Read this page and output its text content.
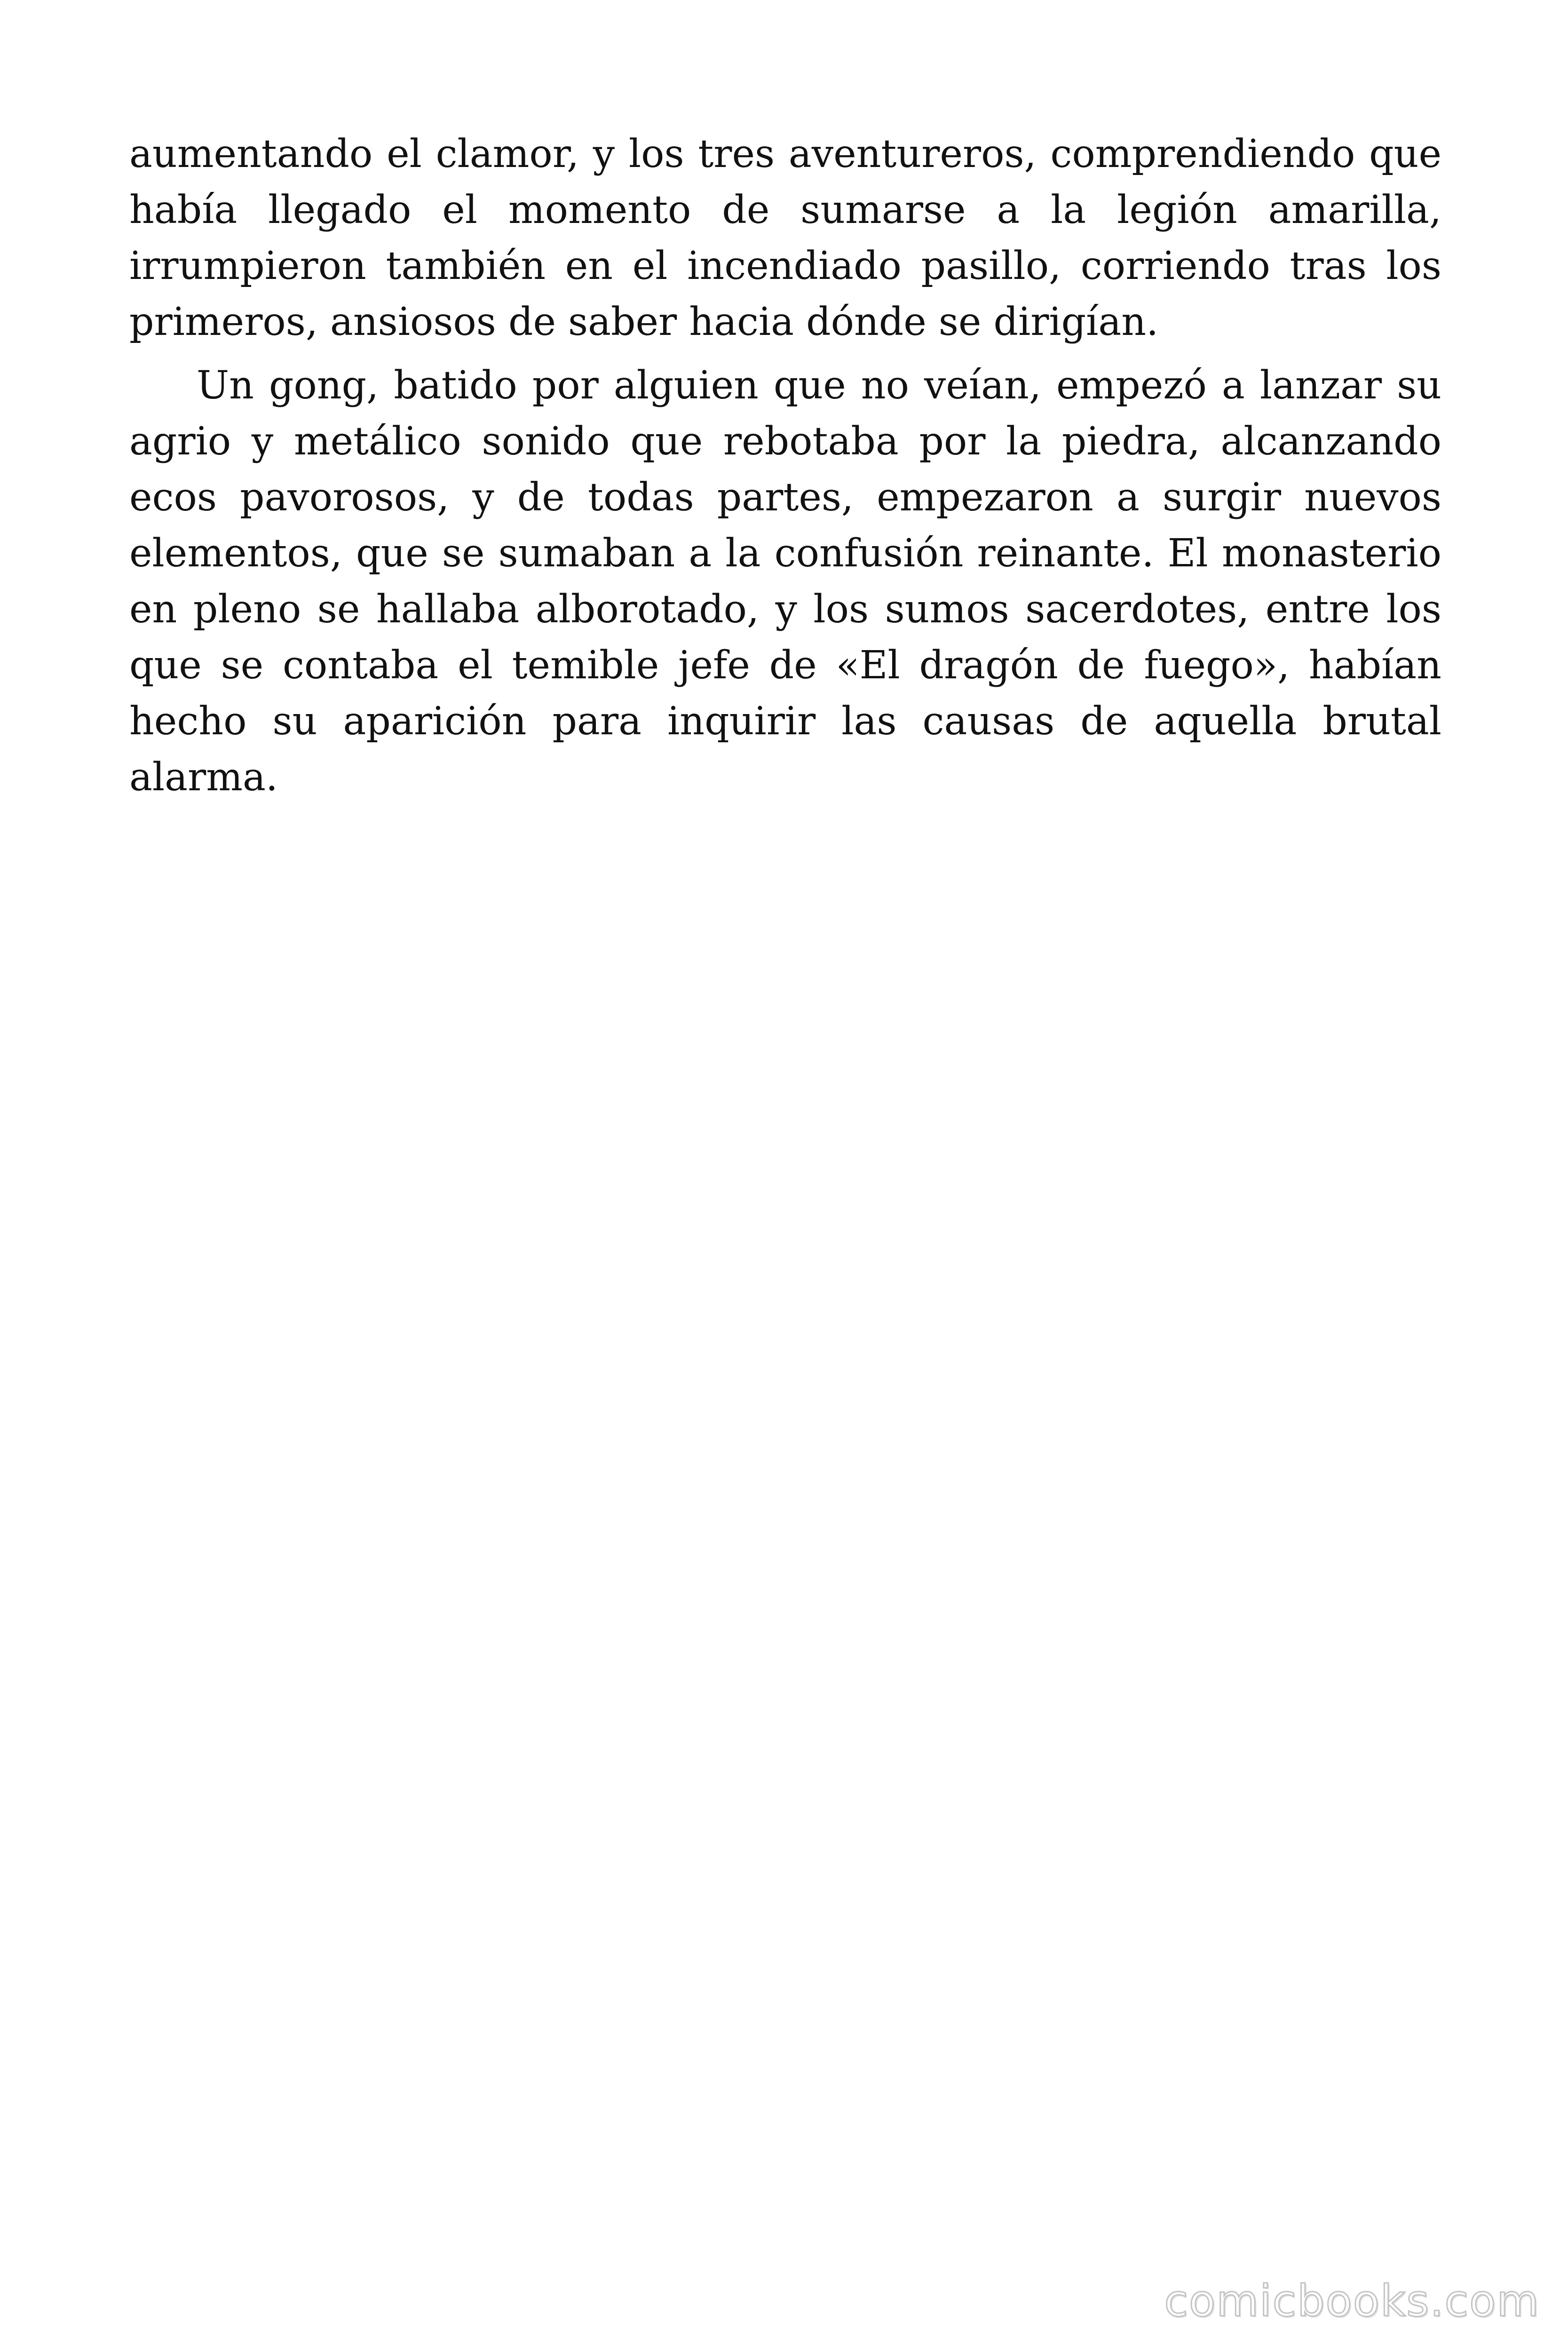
aumentando el clamor, y los tres aventureros, comprendiendo que había llegado el momento de sumarse a la legión amarilla, irrumpieron también en el incendiado pasillo, corriendo tras los primeros, ansiosos de saber hacia dónde se dirigían.

Un gong, batido por alguien que no veían, empezó a lanzar su agrio y metálico sonido que rebotaba por la piedra, alcanzando ecos pavorosos, y de todas partes, empezaron a surgir nuevos elementos, que se sumaban a la confusión reinante. El monasterio en pleno se hallaba alborotado, y los sumos sacerdotes, entre los que se contaba el temible jefe de «El dragón de fuego», habían hecho su aparición para inquirir las causas de aquella brutal alarma.

comicbooks.com
